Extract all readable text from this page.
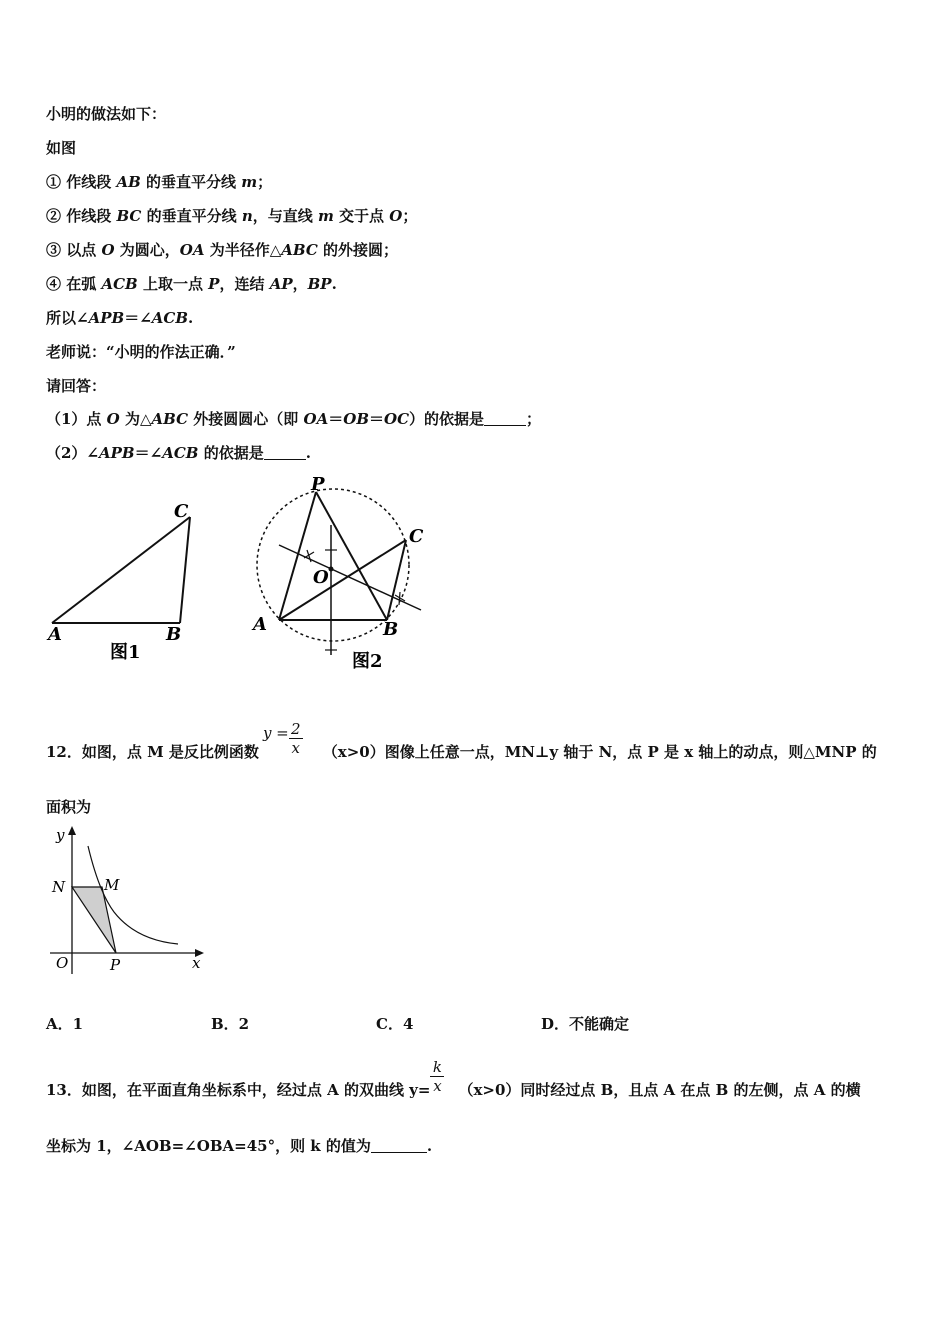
小明的做法如下：
如图
① 作线段 AB 的垂直平分线 m；
② 作线段 BC 的垂直平分线 n，与直线 m 交于点 O；
③ 以点 O 为圆心，OA 为半径作△ABC 的外接圆；
④ 在弧 ACB 上取一点 P，连结 AP，BP.
所以∠APB＝∠ACB.
老师说：“小明的作法正确．”
请回答：
（1）点 O 为△ABC 外接圆圆心（即 OA＝OB＝OC）的依据是	；
（2）∠APB＝∠ACB 的依据是	.
A	B
C
图1
P
C
O
A	B
图2
12．如图，点 M 是反比例函数$y = \frac{2}{x} (x>0)$图像上任意一点，MN⊥y 轴于 N，点 P 是 x 轴上的动点，则△MNP 的
面积为
y
N	M
O	P	x
A．1	B．2	C．4	D．不能确定
13．如图，在平面直角坐标系中，经过点 A 的双曲线 $y= \frac{k}{x} (x>0)$同时经过点 B，且点 A 在点 B 的左侧，点 A 的横
坐标为 1，∠AOB=∠OBA=45°，则 k 的值为	.
